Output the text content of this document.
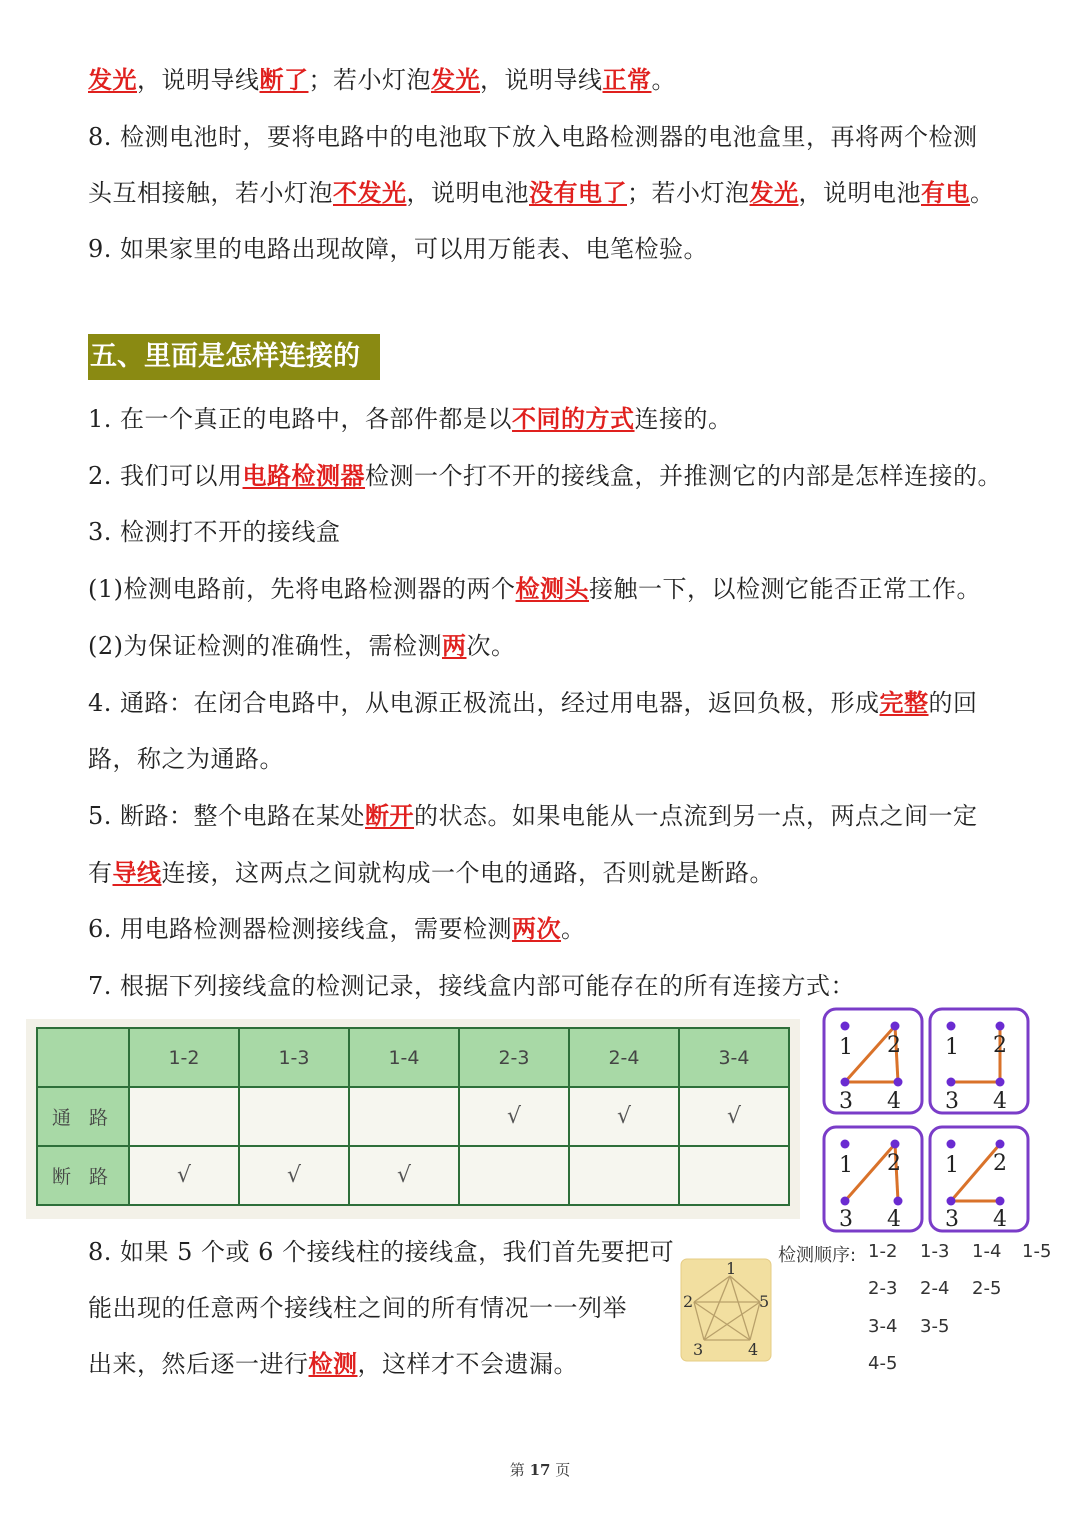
发光，说明导线断了；若小灯泡发光，说明导线正常。
8. 检测电池时，要将电路中的电池取下放入电路检测器的电池盒里，再将两个检测
头互相接触，若小灯泡不发光，说明电池没有电了；若小灯泡发光，说明电池有电。
9. 如果家里的电路出现故障，可以用万能表、电笔检验。
五、里面是怎样连接的
1. 在一个真正的电路中，各部件都是以不同的方式连接的。
2. 我们可以用电路检测器检测一个打不开的接线盒，并推测它的内部是怎样连接的。
3. 检测打不开的接线盒
(1)检测电路前，先将电路检测器的两个检测头接触一下，以检测它能否正常工作。
(2)为保证检测的准确性，需检测两次。
4. 通路：在闭合电路中，从电源正极流出，经过用电器，返回负极，形成完整的回
路，称之为通路。
5. 断路：整个电路在某处断开的状态。如果电能从一点流到另一点，两点之间一定
有导线连接，这两点之间就构成一个电的通路，否则就是断路。
6. 用电路检测器检测接线盒，需要检测两次。
7. 根据下列接线盒的检测记录，接线盒内部可能存在的所有连接方式：
	1-2	1-3	1-4	2-3	2-4	3-4
通 路				√	√	√
断 路	√	√	√			
1 2
3 4
1 2
3 4
1 2
3 4
1 2
3 4
8. 如果 5 个或 6 个接线柱的接线盒，我们首先要把可
能出现的任意两个接线柱之间的所有情况一一列举
出来，然后逐一进行检测，这样才不会遗漏。
1
2	5
3	4
检测顺序: 1-2 1-3 1-4 1-5
2-3 2-4 2-5
3-4 3-5
4-5
第 17 页
